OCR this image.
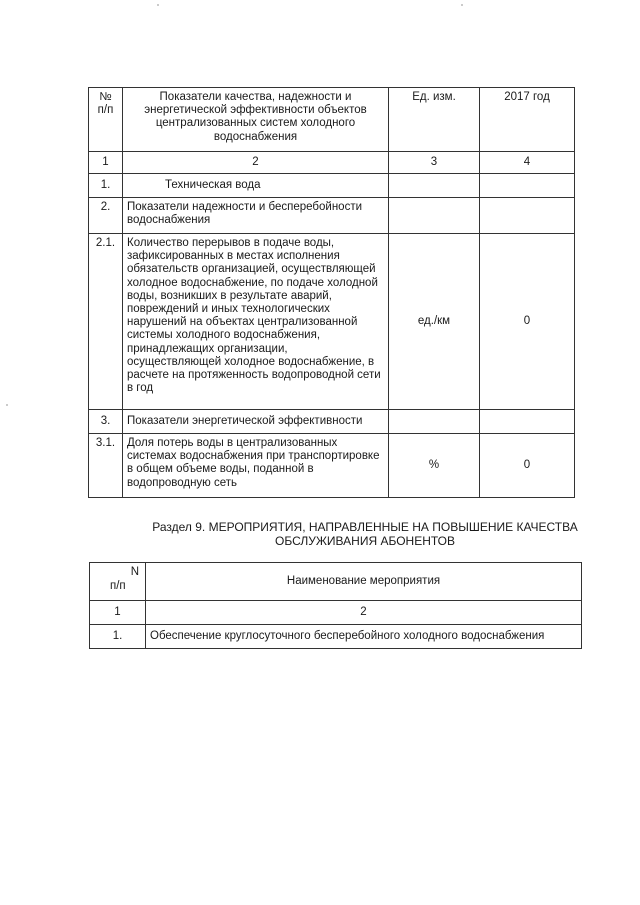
№
п/п	Показатели качества, надежности и энергетической эффективности объектов централизованных систем холодного водоснабжения	Ед. изм.	2017 год
1	2	3	4
1.	Техническая вода		
2.	Показатели надежности и бесперебойности водоснабжения		
2.1.	Количество перерывов в подаче воды, зафиксированных в местах исполнения обязательств организацией, осуществляющей холодное водоснабжение, по подаче холодной воды, возникших в результате аварий, повреждений и иных технологических нарушений на объектах централизованной системы холодного водоснабжения, принадлежащих организации, осуществляющей холодное водоснабжение, в расчете на протяженность водопроводной сети в год	ед./км	0
3.	Показатели энергетической эффективности		
3.1.	Доля потерь воды в централизованных системах водоснабжения при транспортировке в общем объеме воды, поданной в водопроводную сеть	%	0
Раздел 9. МЕРОПРИЯТИЯ, НАПРАВЛЕННЫЕ НА ПОВЫШЕНИЕ КАЧЕСТВА ОБСЛУЖИВАНИЯ АБОНЕНТОВ
N
п/п	Наименование мероприятия
1	2
1.	Обеспечение круглосуточного бесперебойного холодного водоснабжения
